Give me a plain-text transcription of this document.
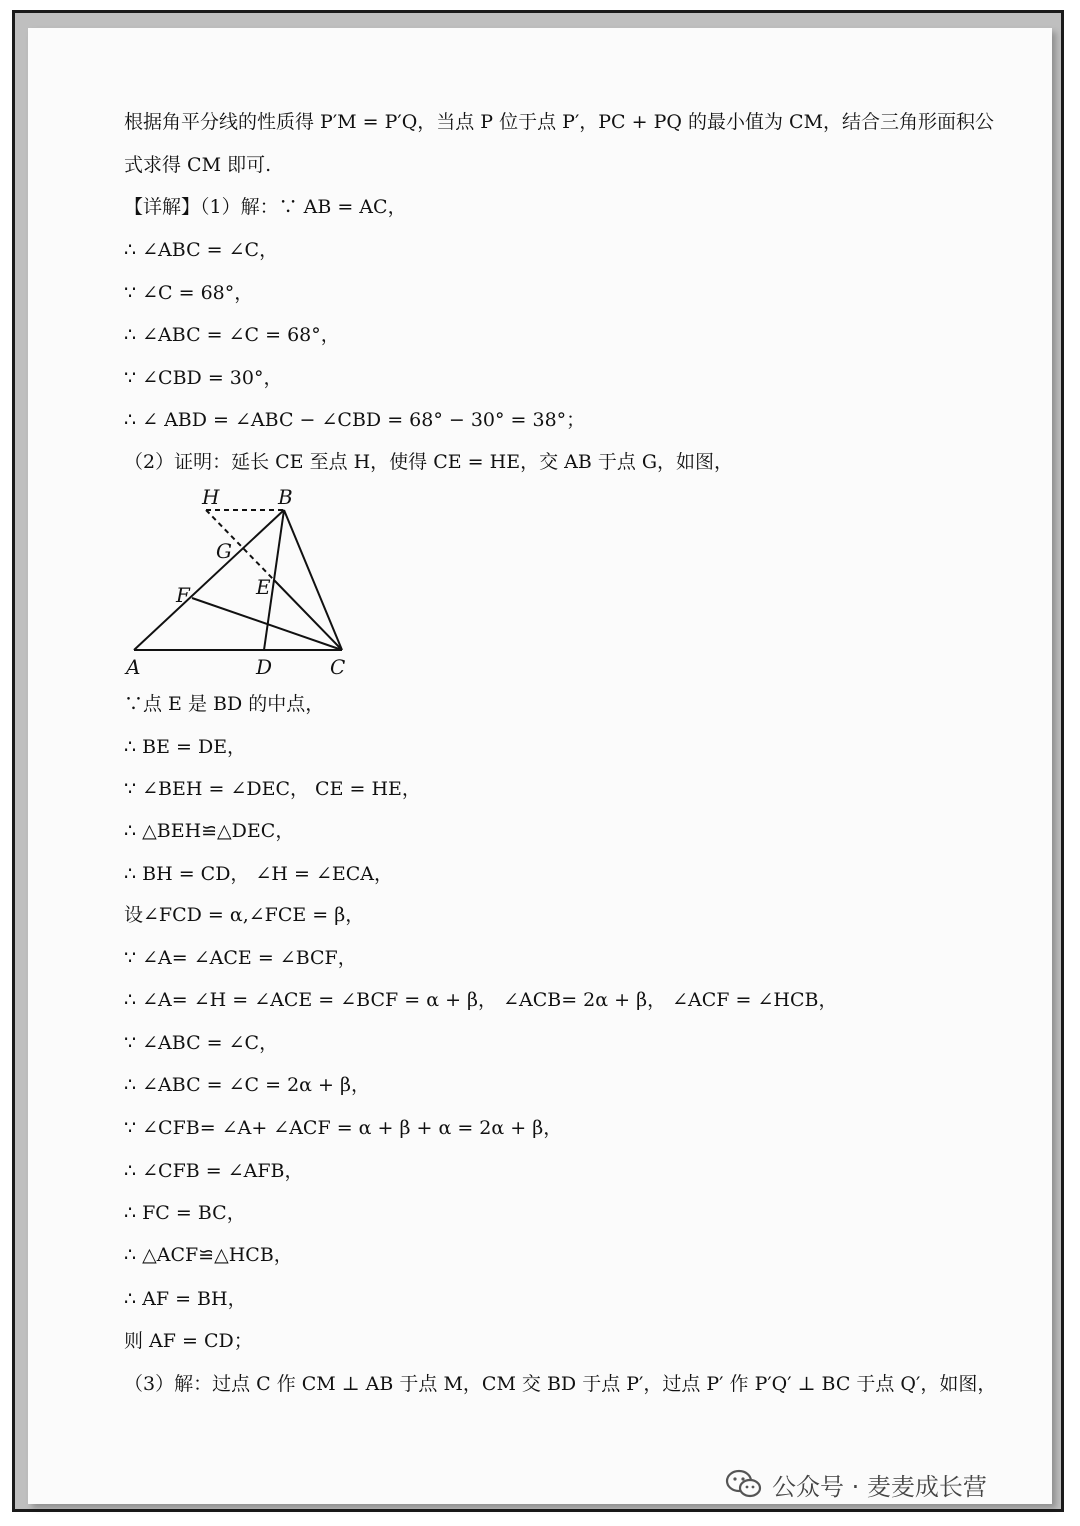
根据角平分线的性质得 P′M = P′Q，当点 P 位于点 P′，PC + PQ 的最小值为 CM，结合三角形面积公
式求得 CM 即可.
【详解】（1）解：∵ AB = AC，
∴ ∠ABC = ∠C，
∵ ∠C = 68°，
∴ ∠ABC = ∠C = 68°，
∵ ∠CBD = 30°，
∴ ∠ ABD = ∠ABC − ∠CBD = 68° − 30° = 38°；
（2）证明：延长 CE 至点 H，使得 CE = HE，交 AB 于点 G，如图，
H	B
G
E
F
A	D	C
∵点 E 是 BD 的中点，
∴ BE = DE，
∵ ∠BEH = ∠DEC， CE = HE，
∴ △BEH≌△DEC，
∴ BH = CD， ∠H = ∠ECA，
设∠FCD = α,∠FCE = β，
∵ ∠A= ∠ACE = ∠BCF，
∴ ∠A= ∠H = ∠ACE = ∠BCF = α + β， ∠ACB= 2α + β， ∠ACF = ∠HCB，
∵ ∠ABC = ∠C，
∴ ∠ABC = ∠C = 2α + β，
∵ ∠CFB= ∠A+ ∠ACF = α + β + α = 2α + β，
∴ ∠CFB = ∠AFB，
∴ FC = BC，
∴ △ACF≌△HCB，
∴ AF = BH，
则 AF = CD；
（3）解：过点 C 作 CM ⊥ AB 于点 M，CM 交 BD 于点 P′，过点 P′ 作 P′Q′ ⊥ BC 于点 Q′，如图，
公众号 · 麦麦成长营
